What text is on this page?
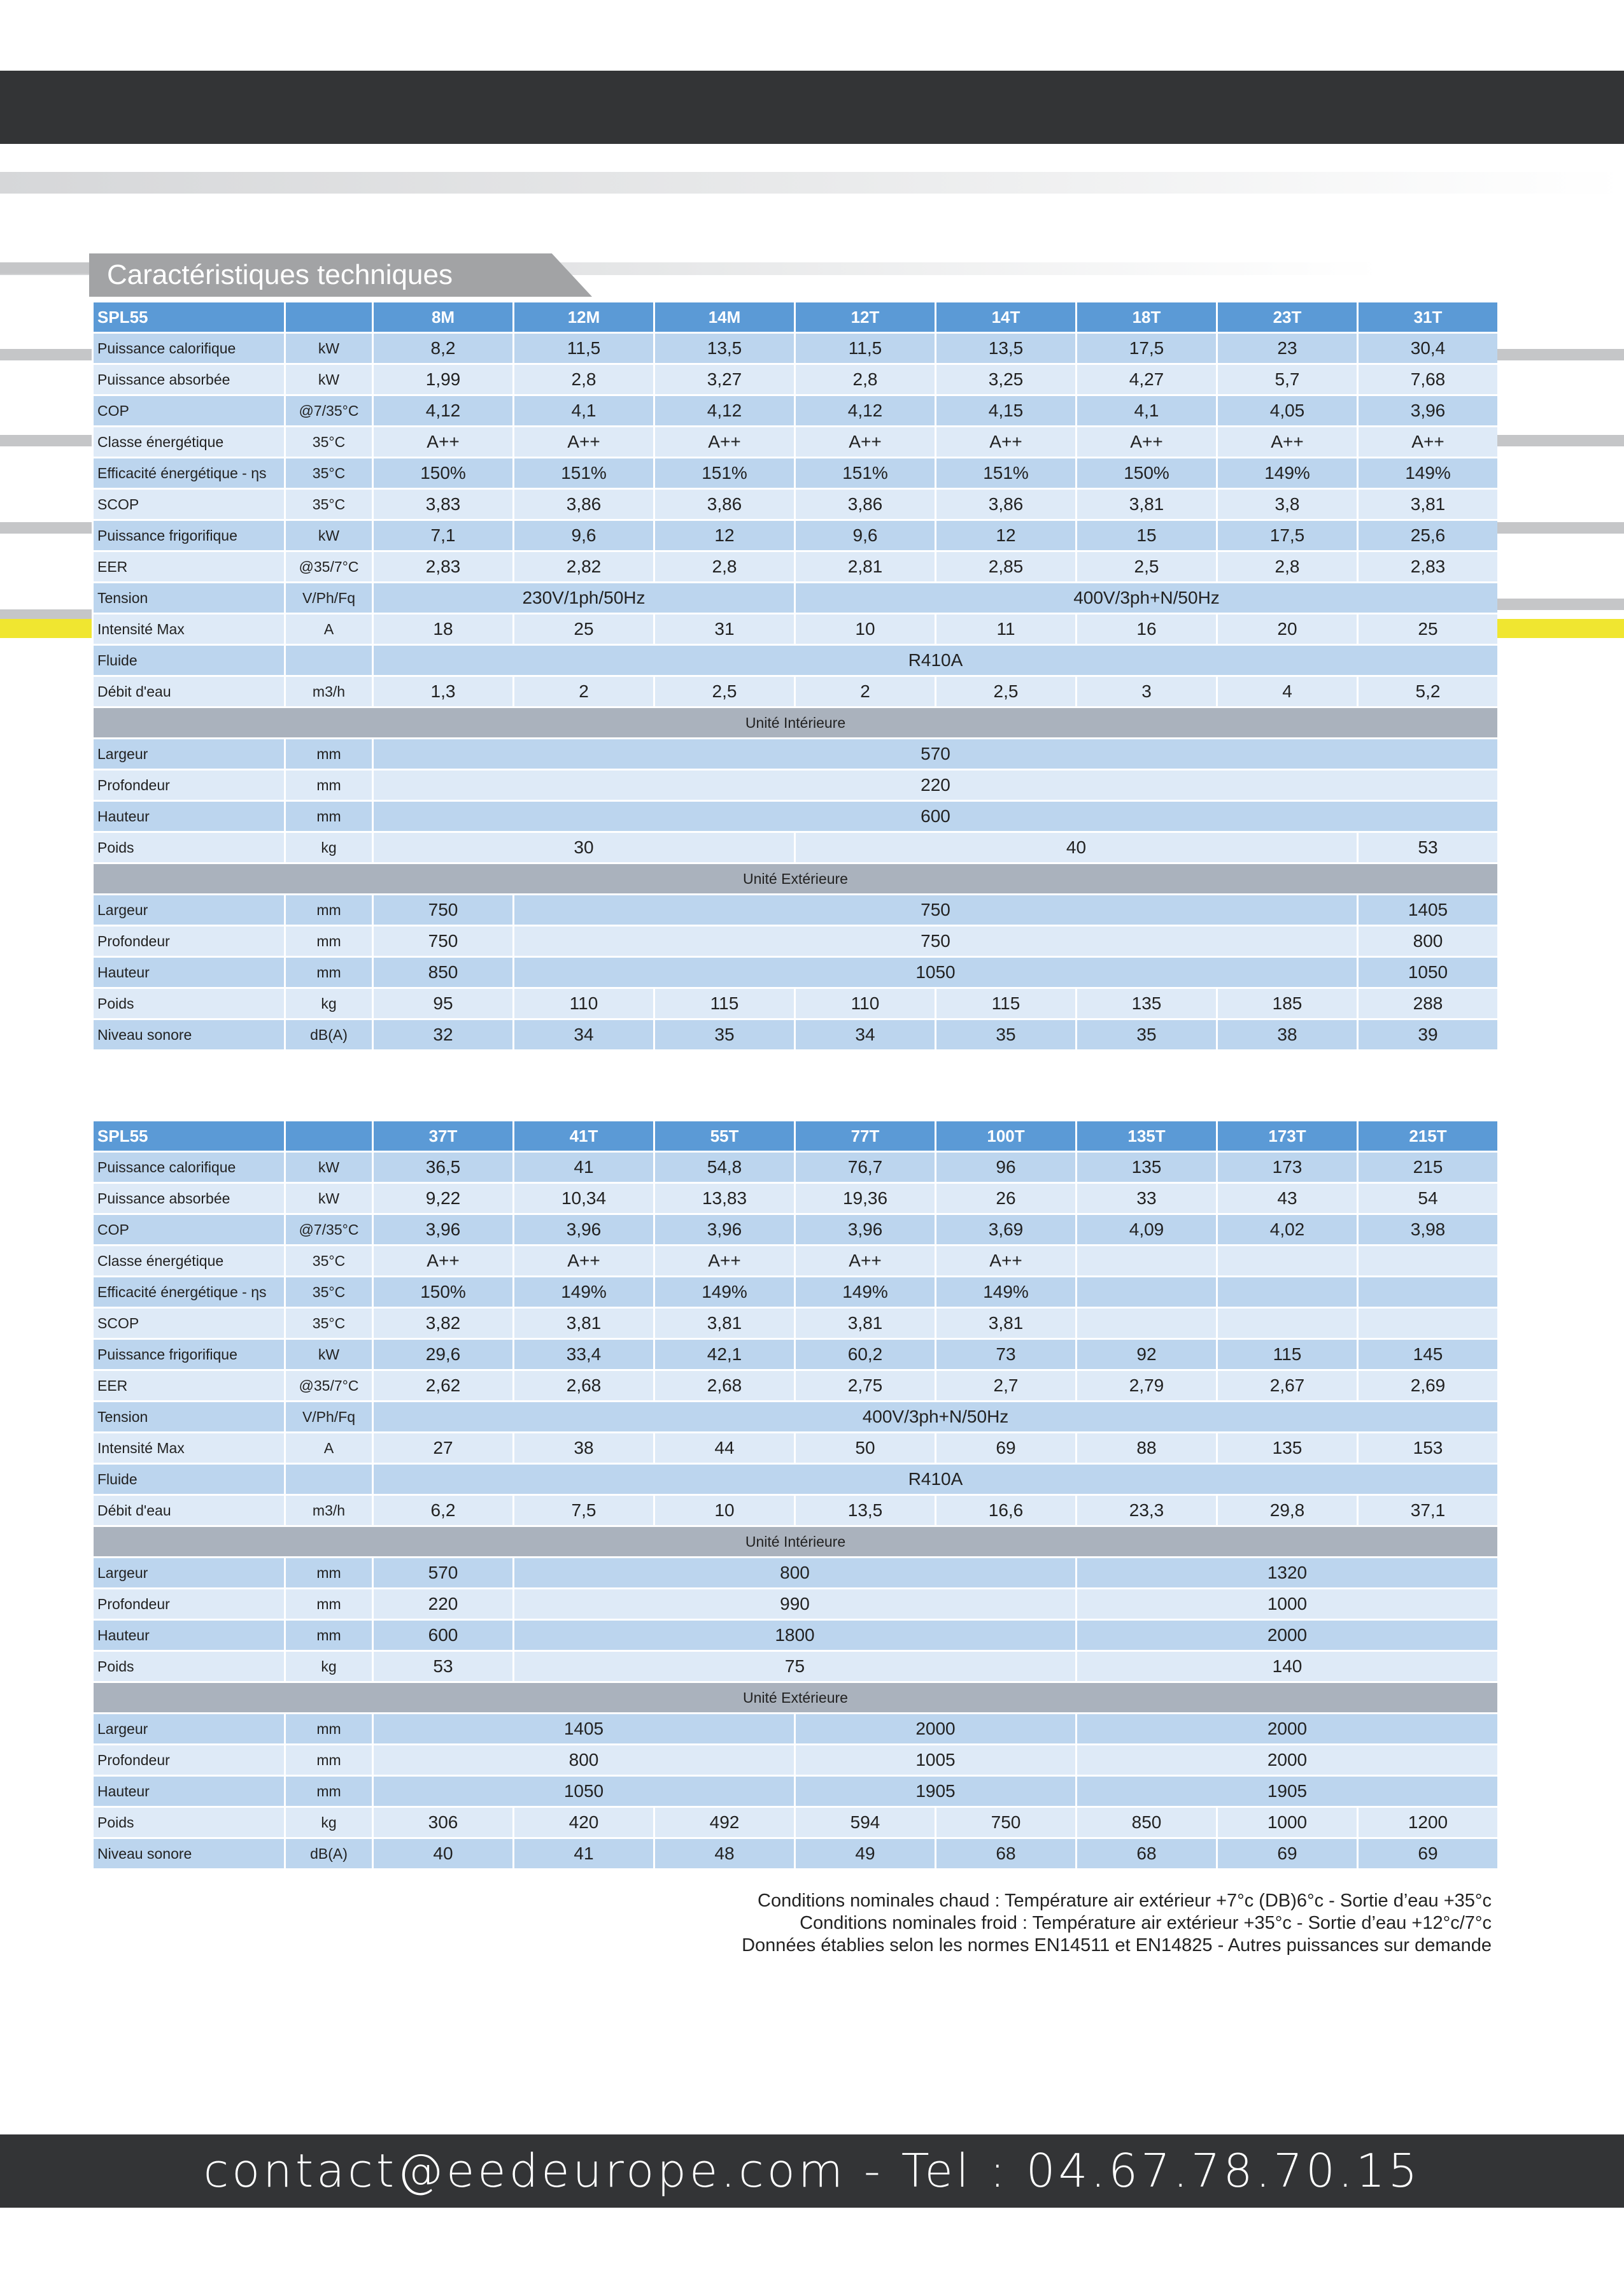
Caractéristiques techniques
SPL55		8M	12M	14M	12T	14T	18T	23T	31T
Puissance calorifique	kW	8,2	11,5	13,5	11,5	13,5	17,5	23	30,4
Puissance absorbée	kW	1,99	2,8	3,27	2,8	3,25	4,27	5,7	7,68
COP	@7/35°C	4,12	4,1	4,12	4,12	4,15	4,1	4,05	3,96
Classe énergétique	35°C	A++	A++	A++	A++	A++	A++	A++	A++
Efficacité énergétique - ηs	35°C	150%	151%	151%	151%	151%	150%	149%	149%
SCOP	35°C	3,83	3,86	3,86	3,86	3,86	3,81	3,8	3,81
Puissance frigorifique	kW	7,1	9,6	12	9,6	12	15	17,5	25,6
EER	@35/7°C	2,83	2,82	2,8	2,81	2,85	2,5	2,8	2,83
Tension	V/Ph/Fq	230V/1ph/50Hz			400V/3ph+N/50Hz				
Intensité Max	A	18	25	31	10	11	16	20	25
Fluide		R410A							
Débit d'eau	m3/h	1,3	2	2,5	2	2,5	3	4	5,2
Unité Intérieure									
Largeur	mm	570							
Profondeur	mm	220							
Hauteur	mm	600							
Poids	kg	30			40				53
Unité Extérieure									
Largeur	mm	750	750						1405
Profondeur	mm	750	750						800
Hauteur	mm	850	1050						1050
Poids	kg	95	110	115	110	115	135	185	288
Niveau sonore	dB(A)	32	34	35	34	35	35	38	39
SPL55		37T	41T	55T	77T	100T	135T	173T	215T
Puissance calorifique	kW	36,5	41	54,8	76,7	96	135	173	215
Puissance absorbée	kW	9,22	10,34	13,83	19,36	26	33	43	54
COP	@7/35°C	3,96	3,96	3,96	3,96	3,69	4,09	4,02	3,98
Classe énergétique	35°C	A++	A++	A++	A++	A++			
Efficacité énergétique - ηs	35°C	150%	149%	149%	149%	149%			
SCOP	35°C	3,82	3,81	3,81	3,81	3,81			
Puissance frigorifique	kW	29,6	33,4	42,1	60,2	73	92	115	145
EER	@35/7°C	2,62	2,68	2,68	2,75	2,7	2,79	2,67	2,69
Tension	V/Ph/Fq	400V/3ph+N/50Hz							
Intensité Max	A	27	38	44	50	69	88	135	153
Fluide		R410A							
Débit d'eau	m3/h	6,2	7,5	10	13,5	16,6	23,3	29,8	37,1
Unité Intérieure									
Largeur	mm	570	800				1320		
Profondeur	mm	220	990				1000		
Hauteur	mm	600	1800				2000		
Poids	kg	53	75				140		
Unité Extérieure									
Largeur	mm	1405			2000		2000		
Profondeur	mm	800			1005		2000		
Hauteur	mm	1050			1905		1905		
Poids	kg	306	420	492	594	750	850	1000	1200
Niveau sonore	dB(A)	40	41	48	49	68	68	69	69
Conditions nominales chaud : Température air extérieur +7°c (DB)6°c - Sortie d’eau +35°c
Conditions nominales froid : Température air extérieur +35°c - Sortie d’eau +12°c/7°c
Données établies selon les normes EN14511 et EN14825 - Autres puissances sur demande
contact@eedeurope.com - Tel : 04.67.78.70.15
